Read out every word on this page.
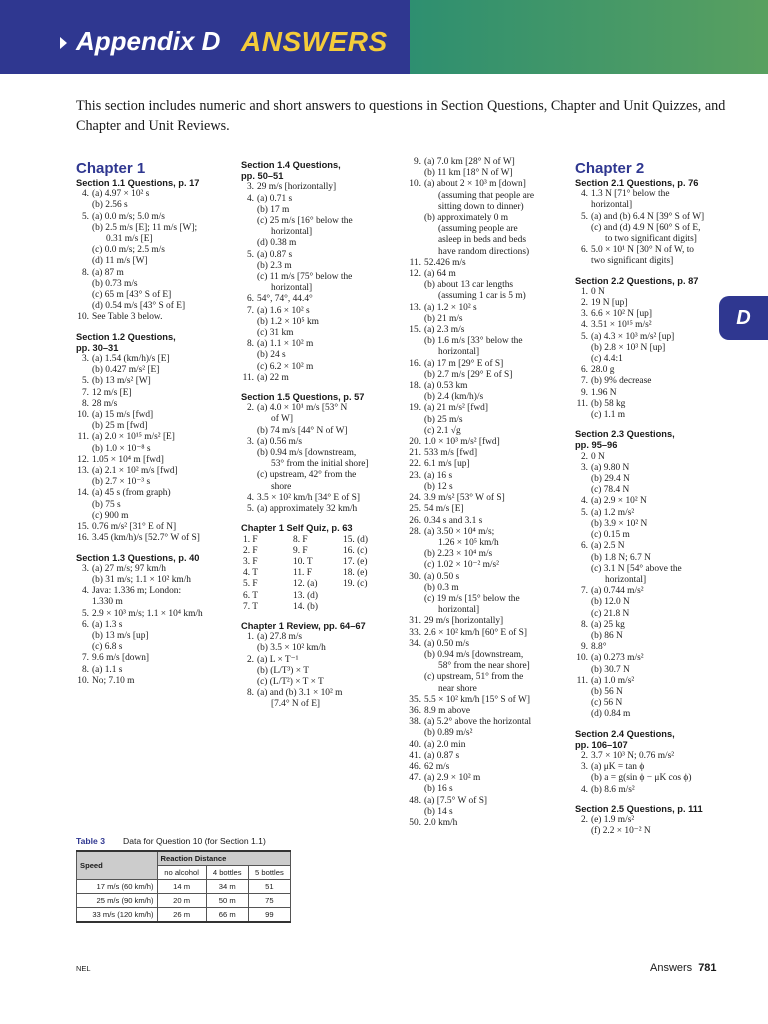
Appendix D ANSWERS
This section includes numeric and short answers to questions in Section Questions, Chapter and Unit Quizzes, and Chapter and Unit Reviews.
D
Chapter 1
Section 1.1 Questions, p. 17
4. (a) 4.97 × 10² s
(b) 2.56 s
5. (a) 0.0 m/s; 5.0 m/s
(b) 2.5 m/s [E]; 11 m/s [W];
0.31 m/s [E]
(c) 0.0 m/s; 2.5 m/s
(d) 11 m/s [W]
8. (a) 87 m
(b) 0.73 m/s
(c) 65 m [43° S of E]
(d) 0.54 m/s [43° S of E]
10. See Table 3 below.
Section 1.2 Questions,
pp. 30–31
3. (a) 1.54 (km/h)/s [E]
(b) 0.427 m/s² [E]
5. (b) 13 m/s² [W]
7. 12 m/s [E]
8. 28 m/s
10. (a) 15 m/s [fwd]
(b) 25 m [fwd]
11. (a) 2.0 × 10¹⁵ m/s² [E]
(b) 1.0 × 10⁻⁸ s
12. 1.05 × 10⁴ m [fwd]
13. (a) 2.1 × 10² m/s [fwd]
(b) 2.7 × 10⁻³ s
14. (a) 45 s (from graph)
(b) 75 s
(c) 900 m
15. 0.76 m/s² [31° E of N]
16. 3.45 (km/h)/s [52.7° W of S]
Section 1.3 Questions, p. 40
3. (a) 27 m/s; 97 km/h
(b) 31 m/s; 1.1 × 10² km/h
4. Java: 1.336 m; London:
1.330 m
5. 2.9 × 10³ m/s; 1.1 × 10⁴ km/h
6. (a) 1.3 s
(b) 13 m/s [up]
(c) 6.8 s
7. 9.6 m/s [down]
8. (a) 1.1 s
10. No; 7.10 m
Section 1.4 Questions,
pp. 50–51
3. 29 m/s [horizontally]
4. (a) 0.71 s
(b) 17 m
(c) 25 m/s [16° below the
horizontal]
(d) 0.38 m
5. (a) 0.87 s
(b) 2.3 m
(c) 11 m/s [75° below the
horizontal]
6. 54°, 74°, 44.4°
7. (a) 1.6 × 10² s
(b) 1.2 × 10⁵ km
(c) 31 km
8. (a) 1.1 × 10² m
(b) 24 s
(c) 6.2 × 10² m
11. (a) 22 m
Section 1.5 Questions, p. 57
2. (a) 4.0 × 10¹ m/s [53° N
of W]
(b) 74 m/s [44° N of W]
3. (a) 0.56 m/s
(b) 0.94 m/s [downstream,
53° from the initial shore]
(c) upstream, 42° from the
shore
4. 3.5 × 10² km/h [34° E of S]
5. (a) approximately 32 km/h
Chapter 1 Self Quiz, p. 63
1. F	8. F	15. (d)
2. F	9. F	16. (c)
3. F	10. T	17. (e)
4. T	11. F	18. (e)
5. F	12. (a)	19. (c)
6. T	13. (d)
7. T	14. (b)
Chapter 1 Review, pp. 64–67
1. (a) 27.8 m/s
(b) 3.5 × 10² km/h
2. (a) L × T⁻¹
(b) (L/T³) × T
(c) (L/T²) × T × T
8. (a) and (b) 3.1 × 10² m
[7.4° N of E]
9. (a) 7.0 km [28° N of W]
(b) 11 km [18° N of W]
10. (a) about 2 × 10³ m [down]
(assuming that people are
sitting down to dinner)
(b) approximately 0 m
(assuming people are
asleep in beds and beds
have random directions)
11. 52.426 m/s
12. (a) 64 m
(b) about 13 car lengths
(assuming 1 car is 5 m)
13. (a) 1.2 × 10² s
(b) 21 m/s
15. (a) 2.3 m/s
(b) 1.6 m/s [33° below the
horizontal]
16. (a) 17 m [29° E of S]
(b) 2.7 m/s [29° E of S]
18. (a) 0.53 km
(b) 2.4 (km/h)/s
19. (a) 21 m/s² [fwd]
(b) 25 m/s
(c) 2.1 √g
20. 1.0 × 10³ m/s² [fwd]
21. 533 m/s [fwd]
22. 6.1 m/s [up]
23. (a) 16 s
(b) 12 s
24. 3.9 m/s² [53° W of S]
25. 54 m/s [E]
26. 0.34 s and 3.1 s
28. (a) 3.50 × 10⁴ m/s;
1.26 × 10⁵ km/h
(b) 2.23 × 10⁴ m/s
(c) 1.02 × 10⁻² m/s²
30. (a) 0.50 s
(b) 0.3 m
(c) 19 m/s [15° below the
horizontal]
31. 29 m/s [horizontally]
33. 2.6 × 10² km/h [60° E of S]
34. (a) 0.50 m/s
(b) 0.94 m/s [downstream,
58° from the near shore]
(c) upstream, 51° from the
near shore
35. 5.5 × 10² km/h [15° S of W]
36. 8.9 m above
38. (a) 5.2° above the horizontal
(b) 0.89 m/s²
40. (a) 2.0 min
41. (a) 0.87 s
46. 62 m/s
47. (a) 2.9 × 10² m
(b) 16 s
48. (a) [7.5° W of S]
(b) 14 s
50. 2.0 km/h
Chapter 2
Section 2.1 Questions, p. 76
4. 1.3 N [71° below the
horizontal]
5. (a) and (b) 6.4 N [39° S of W]
(c) and (d) 4.9 N [60° S of E,
to two significant digits]
6. 5.0 × 10¹ N [30° N of W, to
two significant digits]
Section 2.2 Questions, p. 87
1. 0 N
2. 19 N [up]
3. 6.6 × 10² N [up]
4. 3.51 × 10¹⁵ m/s²
5. (a) 4.3 × 10³ m/s² [up]
(b) 2.8 × 10³ N [up]
(c) 4.4:1
6. 28.0 g
7. (b) 9% decrease
9. 1.96 N
11. (b) 58 kg
(c) 1.1 m
Section 2.3 Questions,
pp. 95–96
2. 0 N
3. (a) 9.80 N
(b) 29.4 N
(c) 78.4 N
4. (a) 2.9 × 10² N
5. (a) 1.2 m/s²
(b) 3.9 × 10² N
(c) 0.15 m
6. (a) 2.5 N
(b) 1.8 N; 6.7 N
(c) 3.1 N [54° above the
horizontal]
7. (a) 0.744 m/s²
(b) 12.0 N
(c) 21.8 N
8. (a) 25 kg
(b) 86 N
9. 8.8°
10. (a) 0.273 m/s²
(b) 30.7 N
11. (a) 1.0 m/s²
(b) 56 N
(c) 56 N
(d) 0.84 m
Section 2.4 Questions,
pp. 106–107
2. 3.7 × 10³ N; 0.76 m/s²
3. (a) μK = tan ϕ
(b) a = g(sin ϕ − μK cos ϕ)
4. (b) 8.6 m/s²
Section 2.5 Questions, p. 111
2. (e) 1.9 m/s²
(f) 2.2 × 10⁻² N
Table 3 Data for Question 10 (for Section 1.1)
Speed	Reaction Distance		
	no alcohol	4 bottles	5 bottles
17 m/s (60 km/h)	14 m	34 m	51
25 m/s (90 km/h)	20 m	50 m	75
33 m/s (120 km/h)	26 m	66 m	99
NEL	Answers 781
